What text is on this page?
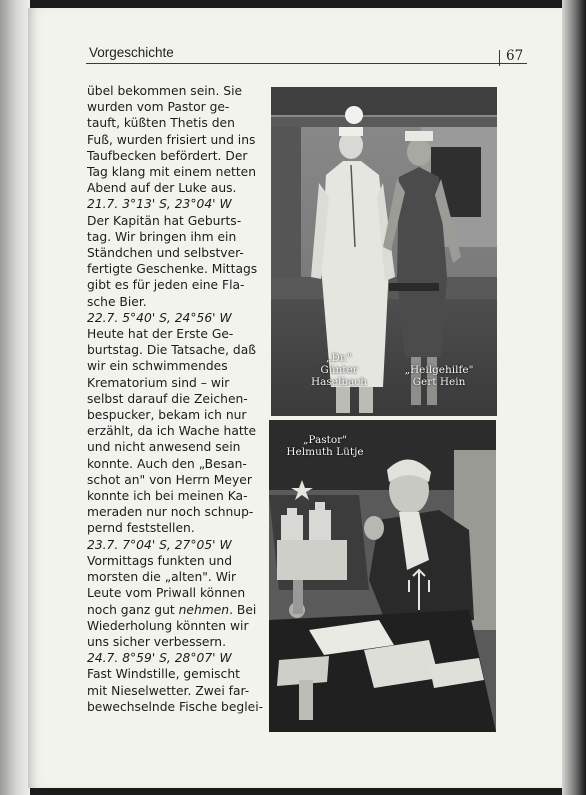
Vorgeschichte	67
übel bekommen sein. Sie
wurden vom Pastor ge-
tauft, küßten Thetis den
Fuß, wurden frisiert und ins
Taufbecken befördert. Der
Tag klang mit einem netten
Abend auf der Luke aus.
21.7. 3°13' S, 23°04' W
Der Kapitän hat Geburts-
tag. Wir bringen ihm ein
Ständchen und selbstver-
fertigte Geschenke. Mittags
gibt es für jeden eine Fla-
sche Bier.
22.7. 5°40' S, 24°56' W
Heute hat der Erste Ge-
burtstag. Die Tatsache, daß
wir ein schwimmendes
Krematorium sind – wir
selbst darauf die Zeichen-
bespucker, bekam ich nur
erzählt, da ich Wache hatte
und nicht anwesend sein
konnte. Auch den „Besan-
schot an" von Herrn Meyer
konnte ich bei meinen Ka-
meraden nur noch schnup-
pernd feststellen.
23.7. 7°04' S, 27°05' W
Vormittags funkten und
morsten die „alten". Wir
Leute vom Priwall können
noch ganz gut nehmen. Bei
Wiederholung könnten wir
uns sicher verbessern.
24.7. 8°59' S, 28°07' W
Fast Windstille, gemischt
mit Nieselwetter. Zwei far-
bewechselnde Fische beglei-
„Dr."
Günter
Haselbach
„Heilgehilfe"
Gert Hein
„Pastor"
Helmuth Lütje
